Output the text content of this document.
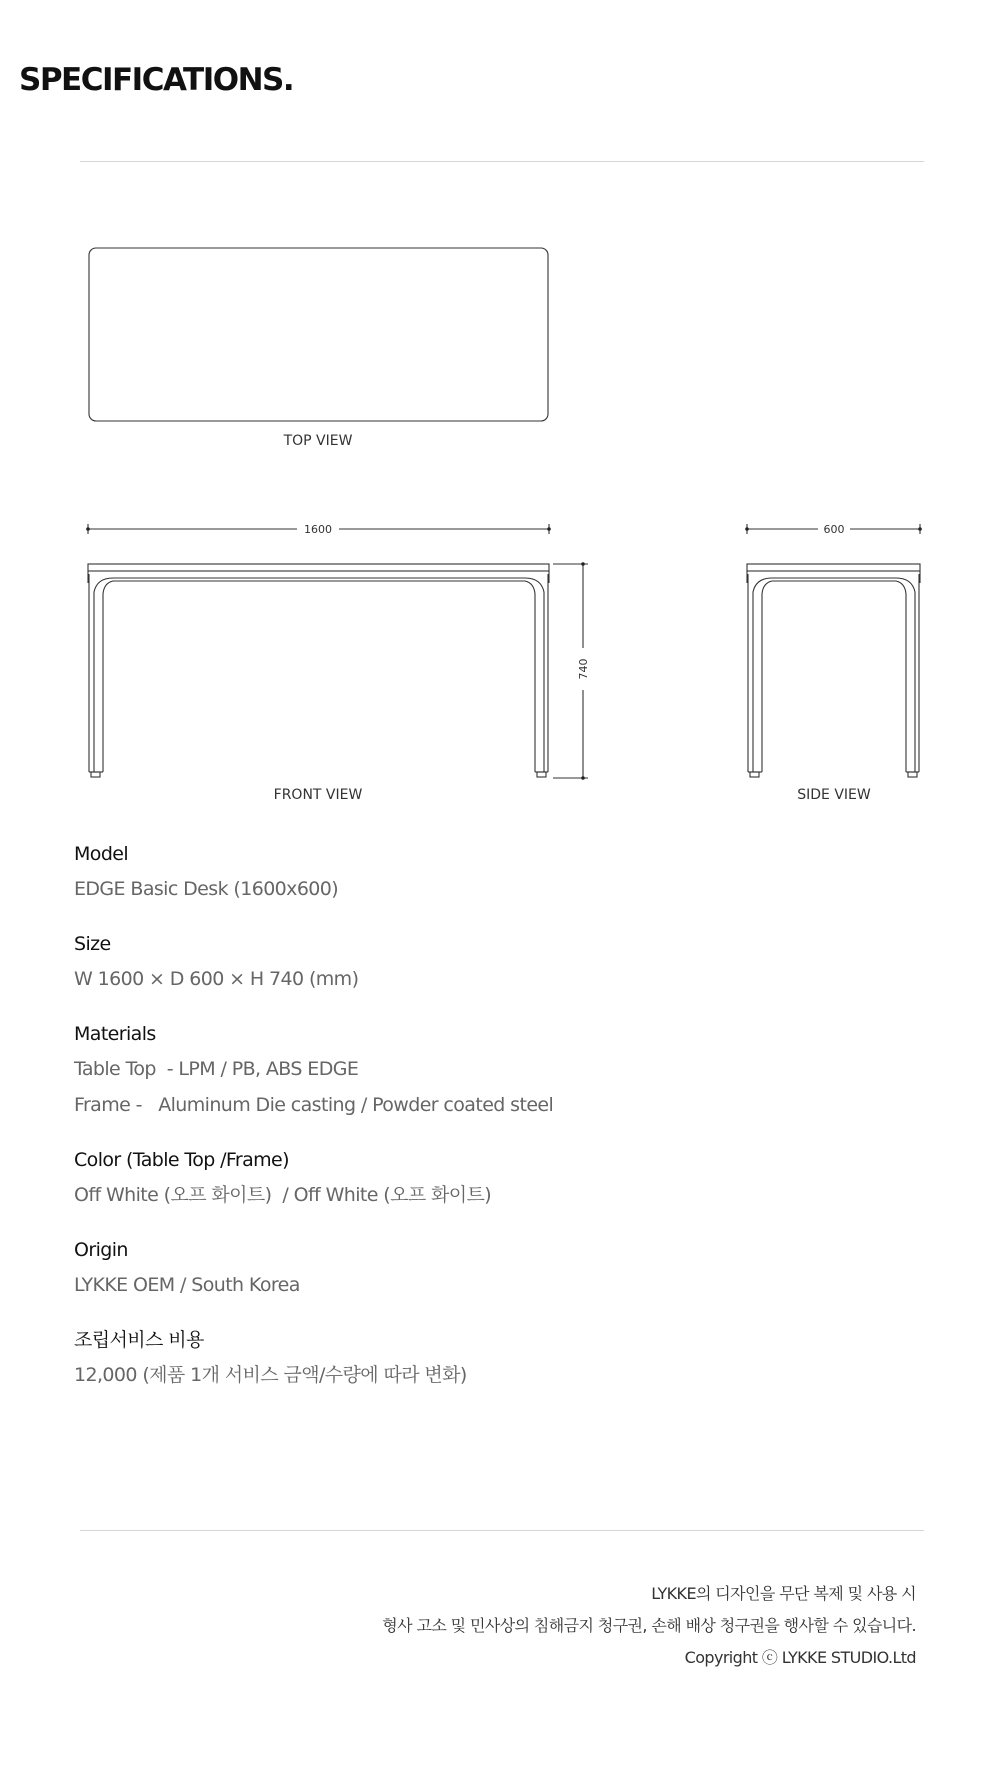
SPECIFICATIONS.
TOP VIEW
1600
740
FRONT VIEW
600
SIDE VIEW
Model
EDGE Basic Desk (1600x600)
Size
W 1600 × D 600 × H 740 (mm)
Materials
Table Top  - LPM / PB, ABS EDGE
Frame -   Aluminum Die casting / Powder coated steel
Color (Table Top /Frame)
Off White (오프 화이트)  / Off White (오프 화이트)
Origin
LYKKE OEM / South Korea
조립서비스 비용
12,000 (제품 1개 서비스 금액/수량에 따라 변화)
LYKKE의 디자인을 무단 복제 및 사용 시
형사 고소 및 민사상의 침해금지 청구권, 손해 배상 청구권을 행사할 수 있습니다.
Copyright ⓒ LYKKE STUDIO.Ltd
